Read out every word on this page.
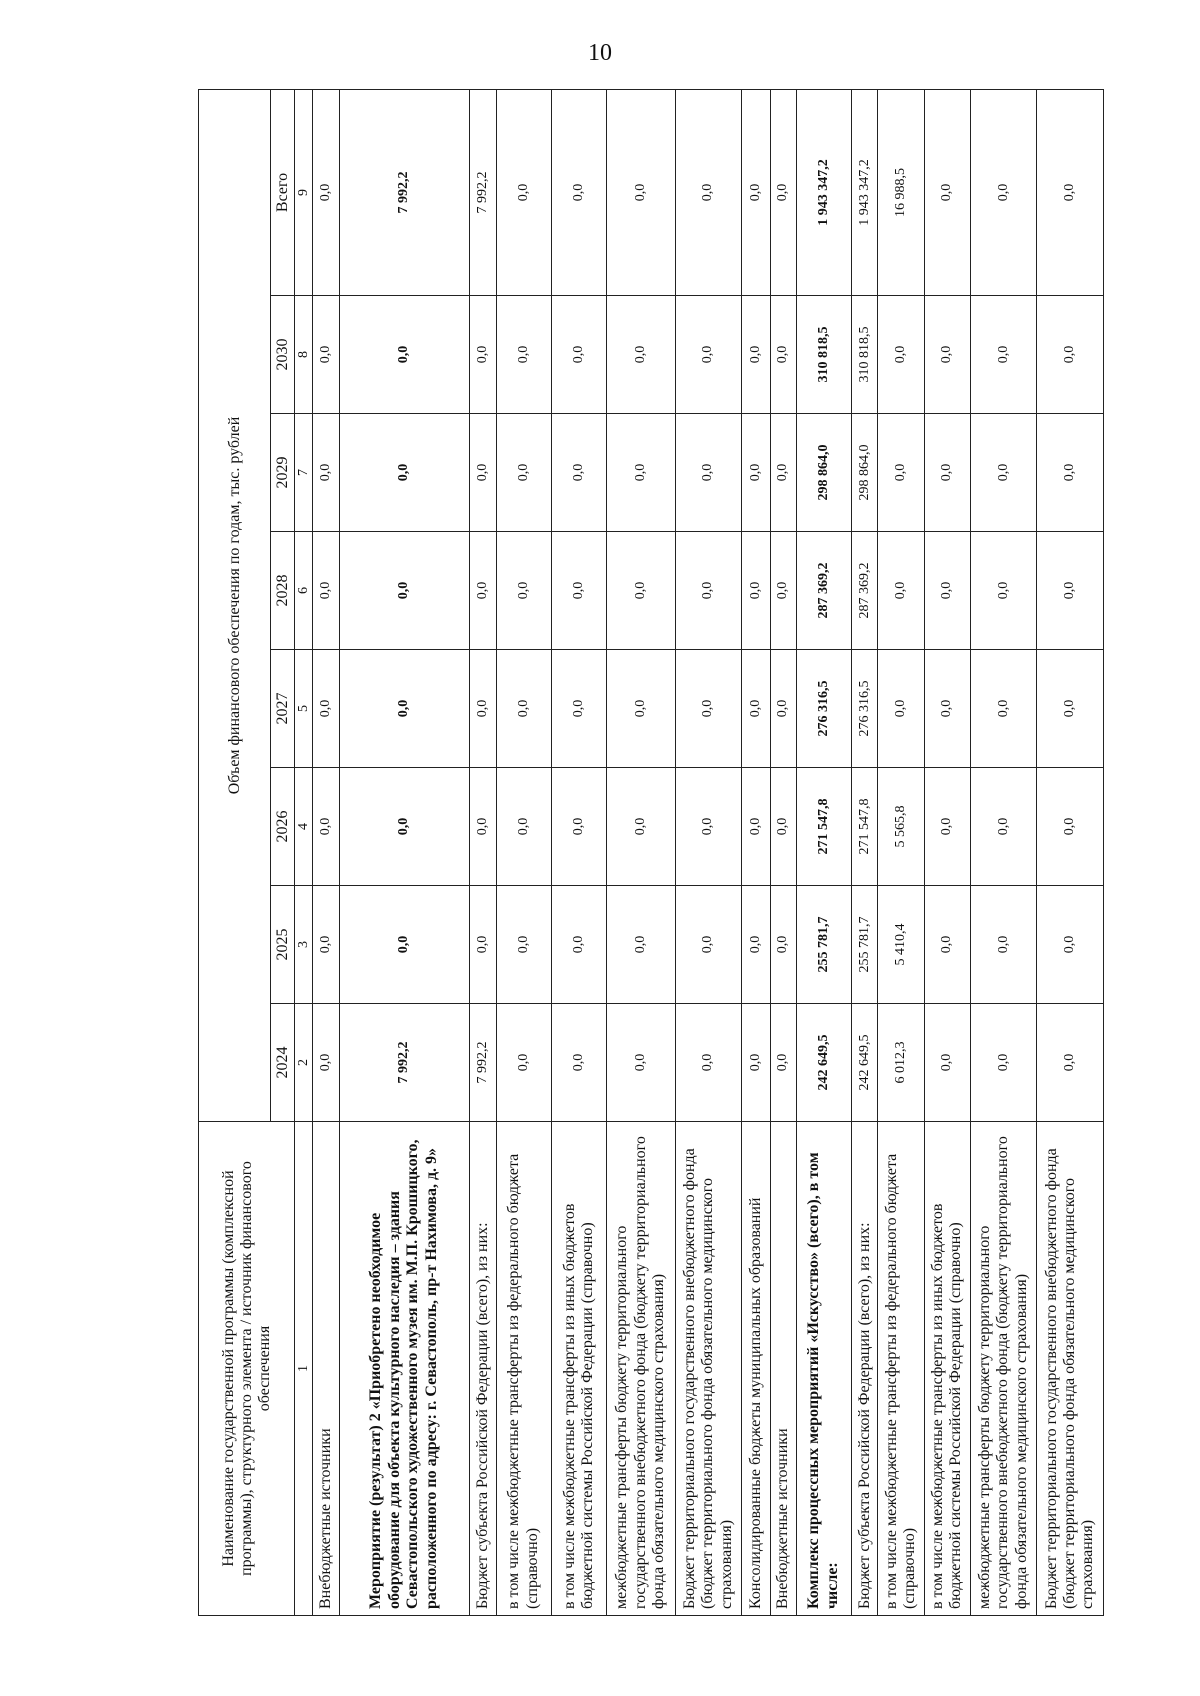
10
Наименование государственной программы (комплексной программы), структурного элемента / источник финансового обеспечения	Объем финансового обеспечения по годам, тыс. рублей							
	2024	2025	2026	2027	2028	2029	2030	Всего
1	2	3	4	5	6	7	8	9
Внебюджетные источники	0,0	0,0	0,0	0,0	0,0	0,0	0,0	0,0
Мероприятие (результат) 2 «Приобретено необходимое оборудование для объекта культурного наследия – здания Севастопольского художественного музея им. М.П. Крошицкого, расположенного по адресу: г. Севастополь, пр-т Нахимова, д. 9»	7 992,2	0,0	0,0	0,0	0,0	0,0	0,0	7 992,2
Бюджет субъекта Российской Федерации (всего), из них:	7 992,2	0,0	0,0	0,0	0,0	0,0	0,0	7 992,2
в том числе межбюджетные трансферты из федерального бюджета (справочно)	0,0	0,0	0,0	0,0	0,0	0,0	0,0	0,0
в том числе межбюджетные трансферты из иных бюджетов бюджетной системы Российской Федерации (справочно)	0,0	0,0	0,0	0,0	0,0	0,0	0,0	0,0
межбюджетные трансферты бюджету территориального государственного внебюджетного фонда (бюджету территориального фонда обязательного медицинского страхования)	0,0	0,0	0,0	0,0	0,0	0,0	0,0	0,0
Бюджет территориального государственного внебюджетного фонда (бюджет территориального фонда обязательного медицинского страхования)	0,0	0,0	0,0	0,0	0,0	0,0	0,0	0,0
Консолидированные бюджеты муниципальных образований	0,0	0,0	0,0	0,0	0,0	0,0	0,0	0,0
Внебюджетные источники	0,0	0,0	0,0	0,0	0,0	0,0	0,0	0,0
Комплекс процессных мероприятий «Искусство» (всего), в том числе:	242 649,5	255 781,7	271 547,8	276 316,5	287 369,2	298 864,0	310 818,5	1 943 347,2
Бюджет субъекта Российской Федерации (всего), из них:	242 649,5	255 781,7	271 547,8	276 316,5	287 369,2	298 864,0	310 818,5	1 943 347,2
в том числе межбюджетные трансферты из федерального бюджета (справочно)	6 012,3	5 410,4	5 565,8	0,0	0,0	0,0	0,0	16 988,5
в том числе межбюджетные трансферты из иных бюджетов бюджетной системы Российской Федерации (справочно)	0,0	0,0	0,0	0,0	0,0	0,0	0,0	0,0
межбюджетные трансферты бюджету территориального государственного внебюджетного фонда (бюджету территориального фонда обязательного медицинского страхования)	0,0	0,0	0,0	0,0	0,0	0,0	0,0	0,0
Бюджет территориального государственного внебюджетного фонда (бюджет территориального фонда обязательного медицинского страхования)	0,0	0,0	0,0	0,0	0,0	0,0	0,0	0,0
